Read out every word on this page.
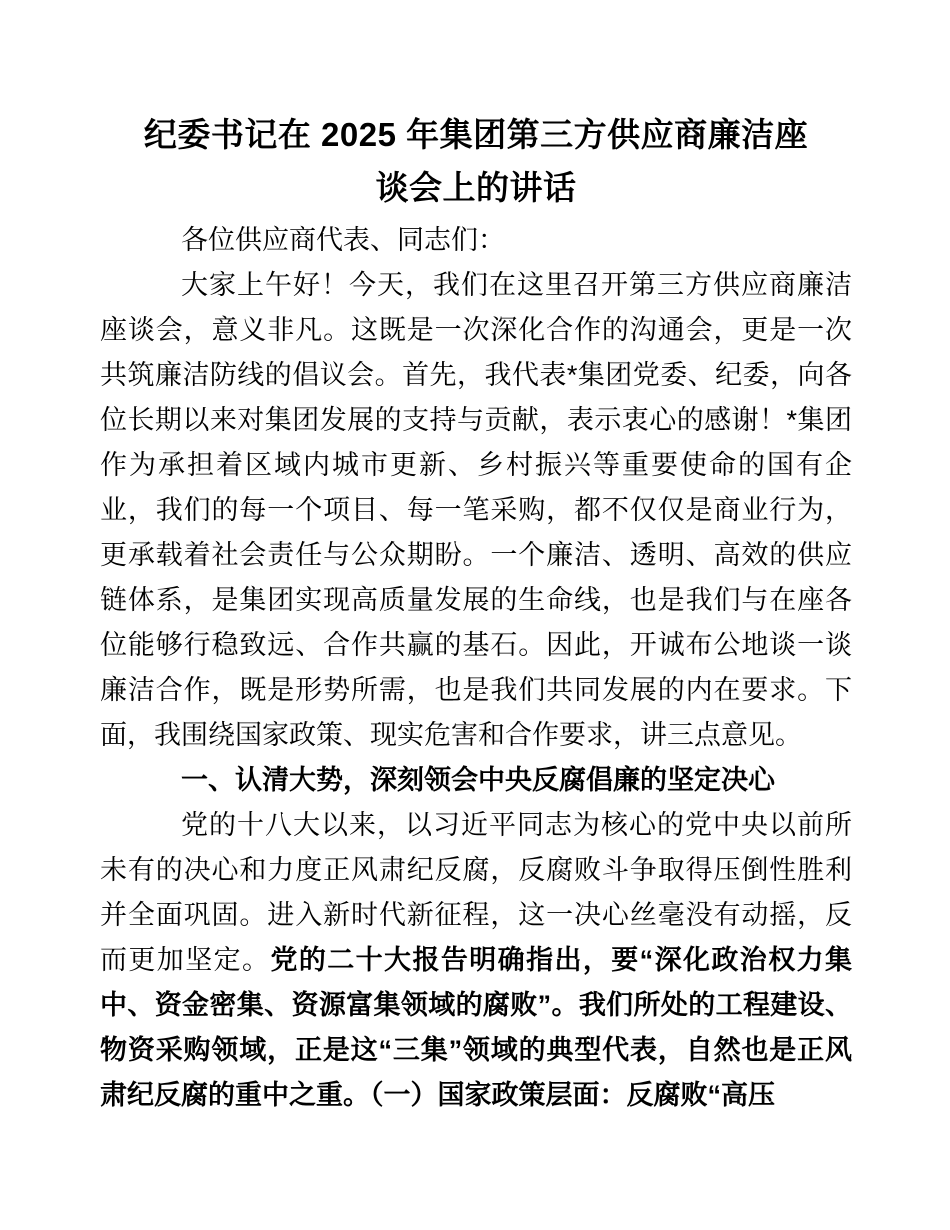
纪委书记在 2025 年集团第三方供应商廉洁座
谈会上的讲话

各位供应商代表、同志们：

大家上午好！今天，我们在这里召开第三方供应商廉洁座谈会，意义非凡。这既是一次深化合作的沟通会，更是一次共筑廉洁防线的倡议会。首先，我代表*集团党委、纪委，向各位长期以来对集团发展的支持与贡献，表示衷心的感谢！*集团作为承担着区域内城市更新、乡村振兴等重要使命的国有企业，我们的每一个项目、每一笔采购，都不仅仅是商业行为，更承载着社会责任与公众期盼。一个廉洁、透明、高效的供应链体系，是集团实现高质量发展的生命线，也是我们与在座各位能够行稳致远、合作共赢的基石。因此，开诚布公地谈一谈廉洁合作，既是形势所需，也是我们共同发展的内在要求。下面，我围绕国家政策、现实危害和合作要求，讲三点意见。

一、认清大势，深刻领会中央反腐倡廉的坚定决心

党的十八大以来，以习近平同志为核心的党中央以前所未有的决心和力度正风肃纪反腐，反腐败斗争取得压倒性胜利并全面巩固。进入新时代新征程，这一决心丝毫没有动摇，反而更加坚定。党的二十大报告明确指出，要“深化政治权力集中、资金密集、资源富集领域的腐败”。我们所处的工程建设、物资采购领域，正是这“三集”领域的典型代表，自然也是正风肃纪反腐的重中之重。（一）国家政策层面：反腐败“高压
